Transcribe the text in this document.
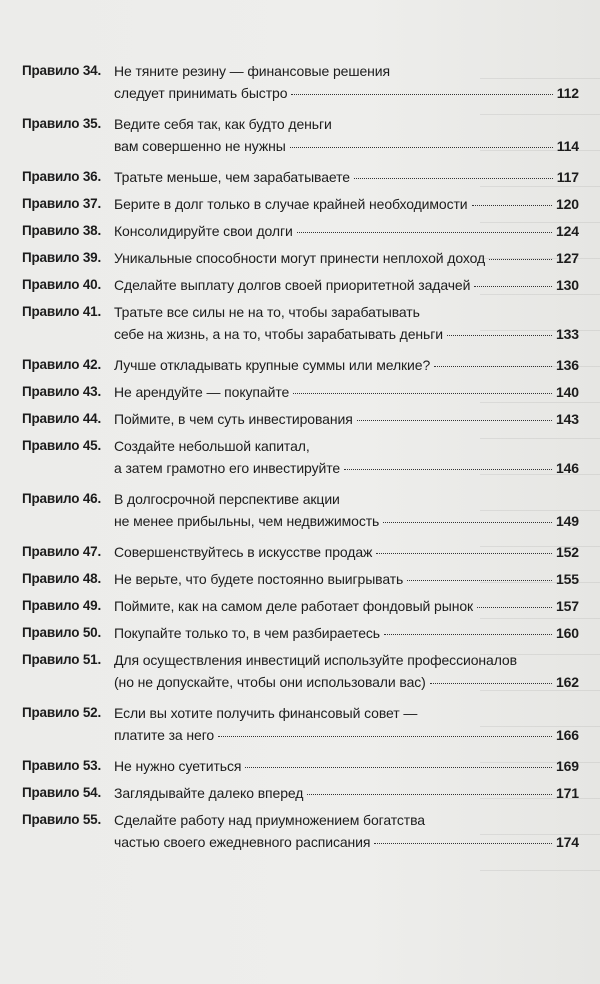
Правило 34. Не тяните резину — финансовые решения
следует принимать быстро	112
Правило 35. Ведите себя так, как будто деньги
вам совершенно не нужны	114
Правило 36. Тратьте меньше, чем зарабатываете	117
Правило 37. Берите в долг только в случае крайней необходимости	120
Правило 38. Консолидируйте свои долги	124
Правило 39. Уникальные способности могут принести неплохой доход	127
Правило 40. Сделайте выплату долгов своей приоритетной задачей	130
Правило 41. Тратьте все силы не на то, чтобы зарабатывать
себе на жизнь, а на то, чтобы зарабатывать деньги	133
Правило 42. Лучше откладывать крупные суммы или мелкие?	136
Правило 43. Не арендуйте — покупайте	140
Правило 44. Поймите, в чем суть инвестирования	143
Правило 45. Создайте небольшой капитал,
а затем грамотно его инвестируйте	146
Правило 46. В долгосрочной перспективе акции
не менее прибыльны, чем недвижимость	149
Правило 47. Совершенствуйтесь в искусстве продаж	152
Правило 48. Не верьте, что будете постоянно выигрывать	155
Правило 49. Поймите, как на самом деле работает фондовый рынок	157
Правило 50. Покупайте только то, в чем разбираетесь	160
Правило 51. Для осуществления инвестиций используйте профессионалов
(но не допускайте, чтобы они использовали вас)	162
Правило 52. Если вы хотите получить финансовый совет —
платите за него	166
Правило 53. Не нужно суетиться	169
Правило 54. Заглядывайте далеко вперед	171
Правило 55. Сделайте работу над приумножением богатства
частью своего ежедневного расписания	174
